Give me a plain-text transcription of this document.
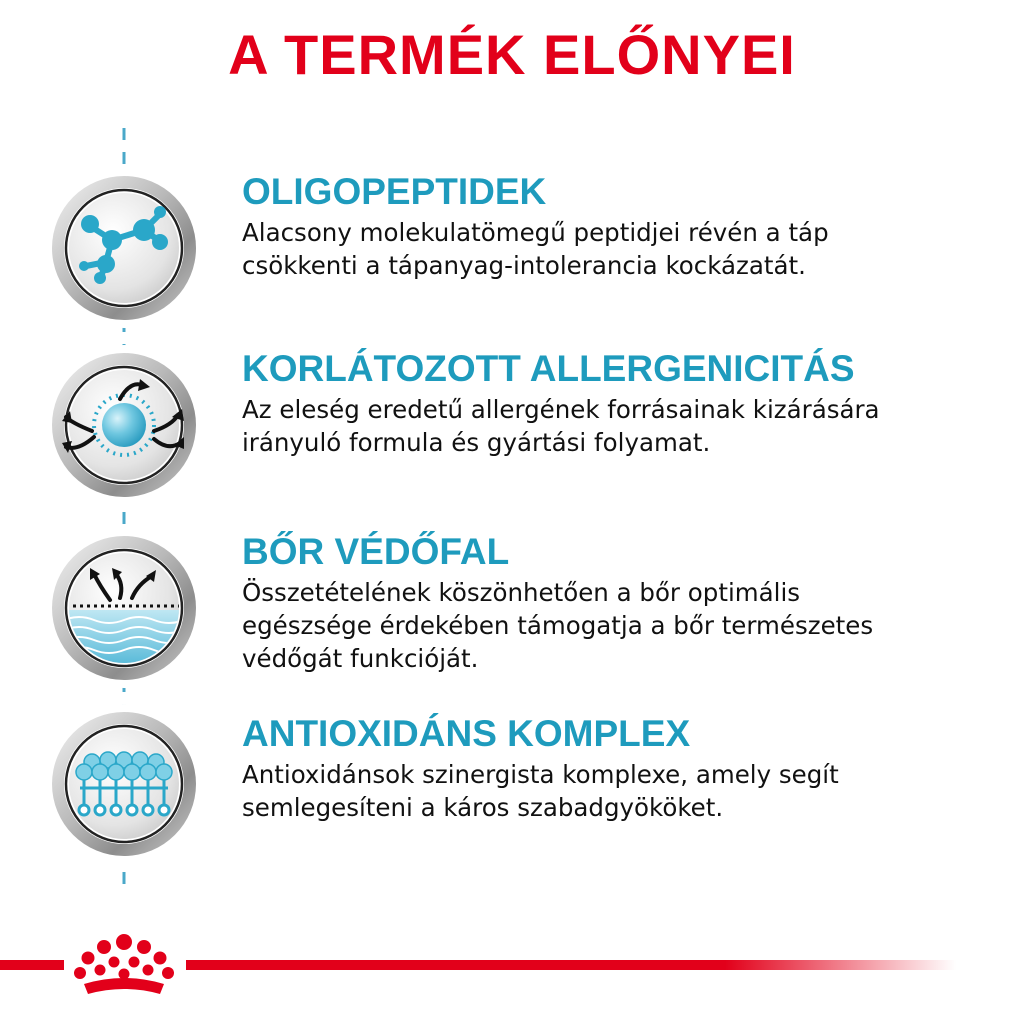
A TERMÉK ELŐNYEI
OLIGOPEPTIDEK

Alacsony molekulatömegű peptidjei révén a táp
csökkenti a tápanyag-intolerancia kockázatát.

KORLÁTOZOTT ALLERGENICITÁS

Az eleség eredetű allergének forrásainak kizárására
irányuló formula és gyártási folyamat.

BŐR VÉDŐFAL

Összetételének köszönhetően a bőr optimális
egészsége érdekében támogatja a bőr természetes
védőgát funkcióját.

ANTIOXIDÁNS KOMPLEX

Antioxidánsok szinergista komplexe, amely segít
semlegesíteni a káros szabadgyököket.
